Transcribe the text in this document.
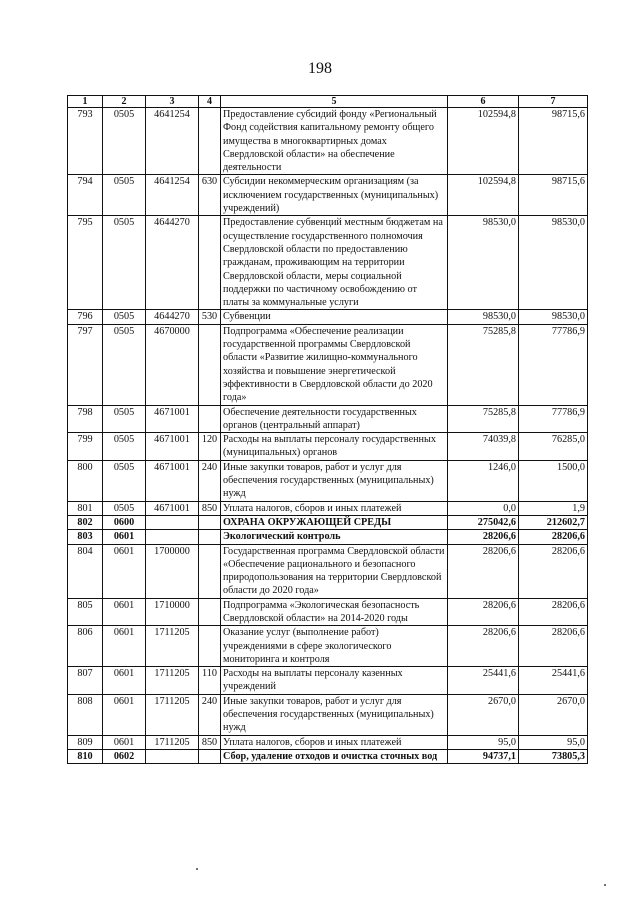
198
1	2	3	4	5	6	7
793	0505	4641254		Предоставление субсидий фонду «Региональный Фонд содействия капитальному ремонту общего имущества в многоквартирных домах Свердловской области» на обеспечение деятельности	102594,8	98715,6
794	0505	4641254	630	Субсидии некоммерческим организациям (за исключением государственных (муниципальных) учреждений)	102594,8	98715,6
795	0505	4644270		Предоставление субвенций местным бюджетам на осуществление государственного полномочия Свердловской области по предоставлению гражданам, проживающим на территории Свердловской области, меры социальной поддержки по частичному освобождению от платы за коммунальные услуги	98530,0	98530,0
796	0505	4644270	530	Субвенции	98530,0	98530,0
797	0505	4670000		Подпрограмма «Обеспечение реализации государственной программы Свердловской области «Развитие жилищно-коммунального хозяйства и повышение энергетической эффективности в Свердловской области до 2020 года»	75285,8	77786,9
798	0505	4671001		Обеспечение деятельности государственных органов (центральный аппарат)	75285,8	77786,9
799	0505	4671001	120	Расходы на выплаты персоналу государственных (муниципальных) органов	74039,8	76285,0
800	0505	4671001	240	Иные закупки товаров, работ и услуг для обеспечения государственных (муниципальных) нужд	1246,0	1500,0
801	0505	4671001	850	Уплата налогов, сборов и иных платежей	0,0	1,9
802	0600			ОХРАНА ОКРУЖАЮЩЕЙ СРЕДЫ	275042,6	212602,7
803	0601			Экологический контроль	28206,6	28206,6
804	0601	1700000		Государственная программа Свердловской области «Обеспечение рационального и безопасного природопользования на территории Свердловской области до 2020 года»	28206,6	28206,6
805	0601	1710000		Подпрограмма «Экологическая безопасность Свердловской области» на 2014-2020 годы	28206,6	28206,6
806	0601	1711205		Оказание услуг (выполнение работ) учреждениями в сфере экологического мониторинга и контроля	28206,6	28206,6
807	0601	1711205	110	Расходы на выплаты персоналу казенных учреждений	25441,6	25441,6
808	0601	1711205	240	Иные закупки товаров, работ и услуг для обеспечения государственных (муниципальных) нужд	2670,0	2670,0
809	0601	1711205	850	Уплата налогов, сборов и иных платежей	95,0	95,0
810	0602			Сбор, удаление отходов и очистка сточных вод	94737,1	73805,3
